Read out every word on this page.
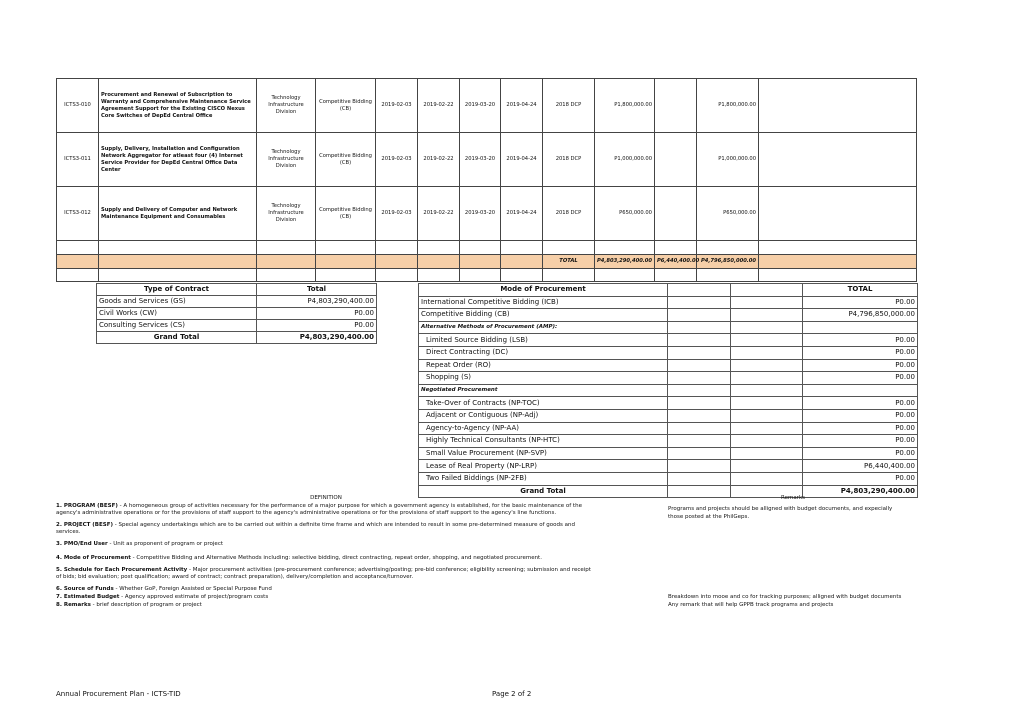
ICTS3-010	Procurement and Renewal of Subscription to Warranty and Comprehensive Maintenance Service Agreement Support for the Existing CISCO Nexus Core Switches of DepEd Central Office	Technology Infrastructure Division	Competitive Bidding (CB)	2019-02-03	2019-02-22	2019-03-20	2019-04-24	2018 DCP	P1,800,000.00		P1,800,000.00	
ICTS3-011	Supply, Delivery, Installation and Configuration Network Aggregator for atleast four (4) Internet Service Provider for DepEd Central Office Data Center	Technology Infrastructure Division	Competitive Bidding (CB)	2019-02-03	2019-02-22	2019-03-20	2019-04-24	2018 DCP	P1,000,000.00		P1,000,000.00	
ICTS3-012	Supply and Delivery of Computer and Network Maintenance Equipment and Consumables	Technology Infrastructure Division	Competitive Bidding (CB)	2019-02-03	2019-02-22	2019-03-20	2019-04-24	2018 DCP	P650,000.00		P650,000.00	

								TOTAL	P4,803,290,400.00	P6,440,400.00	P4,796,850,000.00	

Type of Contract	Total
Goods and Services (GS)	P4,803,290,400.00
Civil Works (CW)	P0.00
Consulting Services (CS)	P0.00
Grand Total	P4,803,290,400.00
Mode of Procurement			TOTAL
International Competitive Bidding (ICB)			P0.00
Competitive Bidding (CB)			P4,796,850,000.00
Alternative Methods of Procurement (AMP):			
Limited Source Bidding (LSB)			P0.00
Direct Contracting (DC)			P0.00
Repeat Order (RO)			P0.00
Shopping (S)			P0.00
Negotiated Procurement			
Take-Over of Contracts (NP-TOC)			P0.00
Adjacent or Contiguous (NP-Adj)			P0.00
Agency-to-Agency (NP-AA)			P0.00
Highly Technical Consultants (NP-HTC)			P0.00
Small Value Procurement (NP-SVP)			P0.00
Lease of Real Property (NP-LRP)			P6,440,400.00
Two Failed Biddings (NP-2FB)			P0.00
Grand Total			P4,803,290,400.00
DEFINITION
1. PROGRAM (BESF) - A homogeneous group of activities necessary for the performance of a major purpose for which a government agency is established, for the basic maintenance of the agency's administrative operations or for the provisions of staff support to the agency's administrative operations or for the provisions of staff support to the agency's line functions.
2. PROJECT (BESF) - Special agency undertakings which are to be carried out within a definite time frame and which are intended to result in some pre-determined measure of goods and services.
3. PMO/End User - Unit as proponent of program or project
4. Mode of Procurement - Competitive Bidding and Alternative Methods including: selective bidding, direct contracting, repeat order, shopping, and negotiated procurement.
5. Schedule for Each Procurement Activity - Major procurement activities (pre-procurement conference; advertising/posting; pre-bid conference; eligibility screening; submission and receipt of bids; bid evaluation; post qualification; award of contract; contract preparation), delivery/completion and acceptance/turnover.
6. Source of Funds - Whether GoP, Foreign Assisted or Special Purpose Fund
7. Estimated Budget - Agency approved estimate of project/program costs
8. Remarks - brief description of program or project
Remarks
Programs and projects should be alligned with budget documents, and expecially
those posted at the PhilGeps.
Breakdown into mooe and co for tracking purposes; alligned with budget documents
Any remark that will help GPPB track programs and projects
Annual Procurement Plan - ICTS-TID	Page 2 of 2
